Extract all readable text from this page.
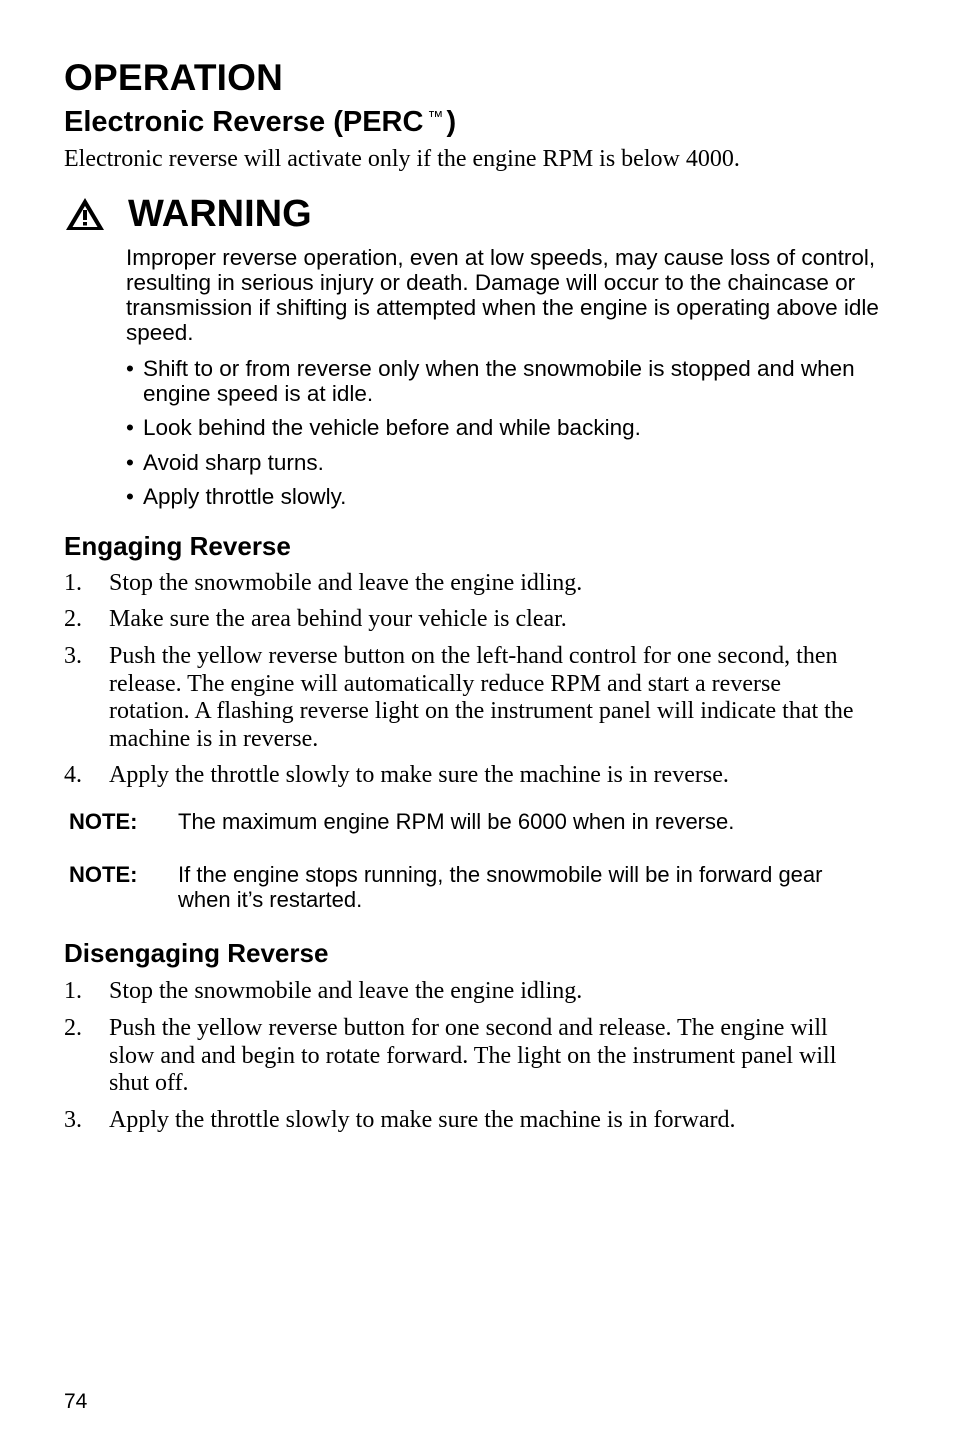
OPERATION
Electronic Reverse (PERC ™ )

Electronic reverse will activate only if the engine RPM is below 4000.

WARNING

Improper reverse operation, even at low speeds, may cause loss of control, resulting in serious injury or death. Damage will occur to the chaincase or transmission if shifting is attempted when the engine is operating above idle speed.

• Shift to or from reverse only when the snowmobile is stopped and when engine speed is at idle.
• Look behind the vehicle before and while backing.
• Avoid sharp turns.
• Apply throttle slowly.
Engaging Reverse
1.	Stop the snowmobile and leave the engine idling.
2.	Make sure the area behind your vehicle is clear.
3.	Push the yellow reverse button on the left-hand control for one second, then release. The engine will automatically reduce RPM and start a reverse rotation. A flashing reverse light on the instrument panel will indicate that the machine is in reverse.
4.	Apply the throttle slowly to make sure the machine is in reverse.
NOTE: The maximum engine RPM will be 6000 when in reverse.
NOTE: If the engine stops running, the snowmobile will be in forward gear when it’s restarted.
Disengaging Reverse
1.	Stop the snowmobile and leave the engine idling.
2.	Push the yellow reverse button for one second and release. The engine will slow and and begin to rotate forward. The light on the instrument panel will shut off.
3.	Apply the throttle slowly to make sure the machine is in forward.
74
